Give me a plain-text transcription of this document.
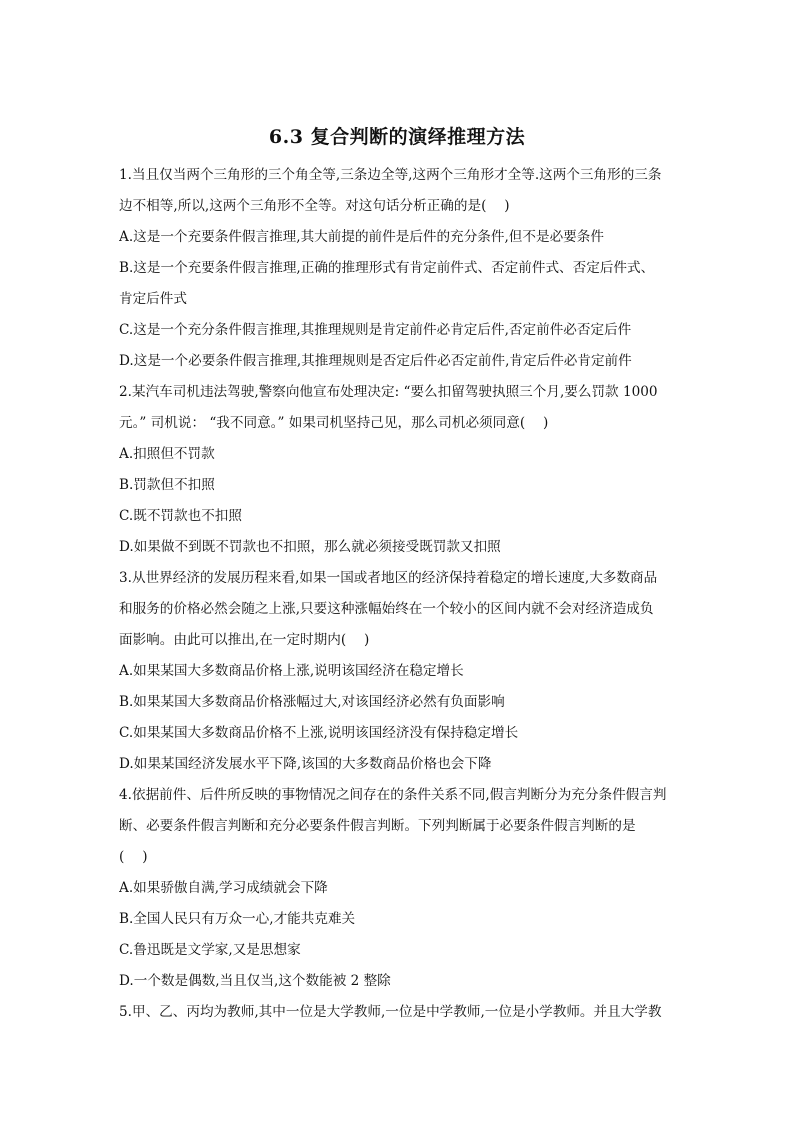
6.3 复合判断的演绎推理方法

1.当且仅当两个三角形的三个角全等,三条边全等,这两个三角形才全等.这两个三角形的三条

边不相等,所以,这两个三角形不全等。对这句话分析正确的是(　 )

A.这是一个充要条件假言推理,其大前提的前件是后件的充分条件,但不是必要条件

B.这是一个充要条件假言推理,正确的推理形式有肯定前件式、否定前件式、否定后件式、

肯定后件式

C.这是一个充分条件假言推理,其推理规则是肯定前件必肯定后件,否定前件必否定后件

D.这是一个必要条件假言推理,其推理规则是否定后件必否定前件,肯定后件必肯定前件

2.某汽车司机违法驾驶,警察向他宣布处理决定: “要么扣留驾驶执照三个月,要么罚款 1000

元。” 司机说： “我不同意。” 如果司机坚持己见，那么司机必须同意(　 )

A.扣照但不罚款

B.罚款但不扣照

C.既不罚款也不扣照

D.如果做不到既不罚款也不扣照，那么就必须接受既罚款又扣照

3.从世界经济的发展历程来看,如果一国或者地区的经济保持着稳定的增长速度,大多数商品

和服务的价格必然会随之上涨,只要这种涨幅始终在一个较小的区间内就不会对经济造成负

面影响。由此可以推出,在一定时期内(　 )

A.如果某国大多数商品价格上涨,说明该国经济在稳定增长

B.如果某国大多数商品价格涨幅过大,对该国经济必然有负面影响

C.如果某国大多数商品价格不上涨,说明该国经济没有保持稳定增长

D.如果某国经济发展水平下降,该国的大多数商品价格也会下降

4.依据前件、后件所反映的事物情况之间存在的条件关系不同,假言判断分为充分条件假言判

断、必要条件假言判断和充分必要条件假言判断。下列判断属于必要条件假言判断的是

(　 )

A.如果骄傲自满,学习成绩就会下降

B.全国人民只有万众一心,才能共克难关

C.鲁迅既是文学家,又是思想家

D.一个数是偶数,当且仅当,这个数能被 2 整除

5.甲、乙、丙均为教师,其中一位是大学教师,一位是中学教师,一位是小学教师。并且大学教
